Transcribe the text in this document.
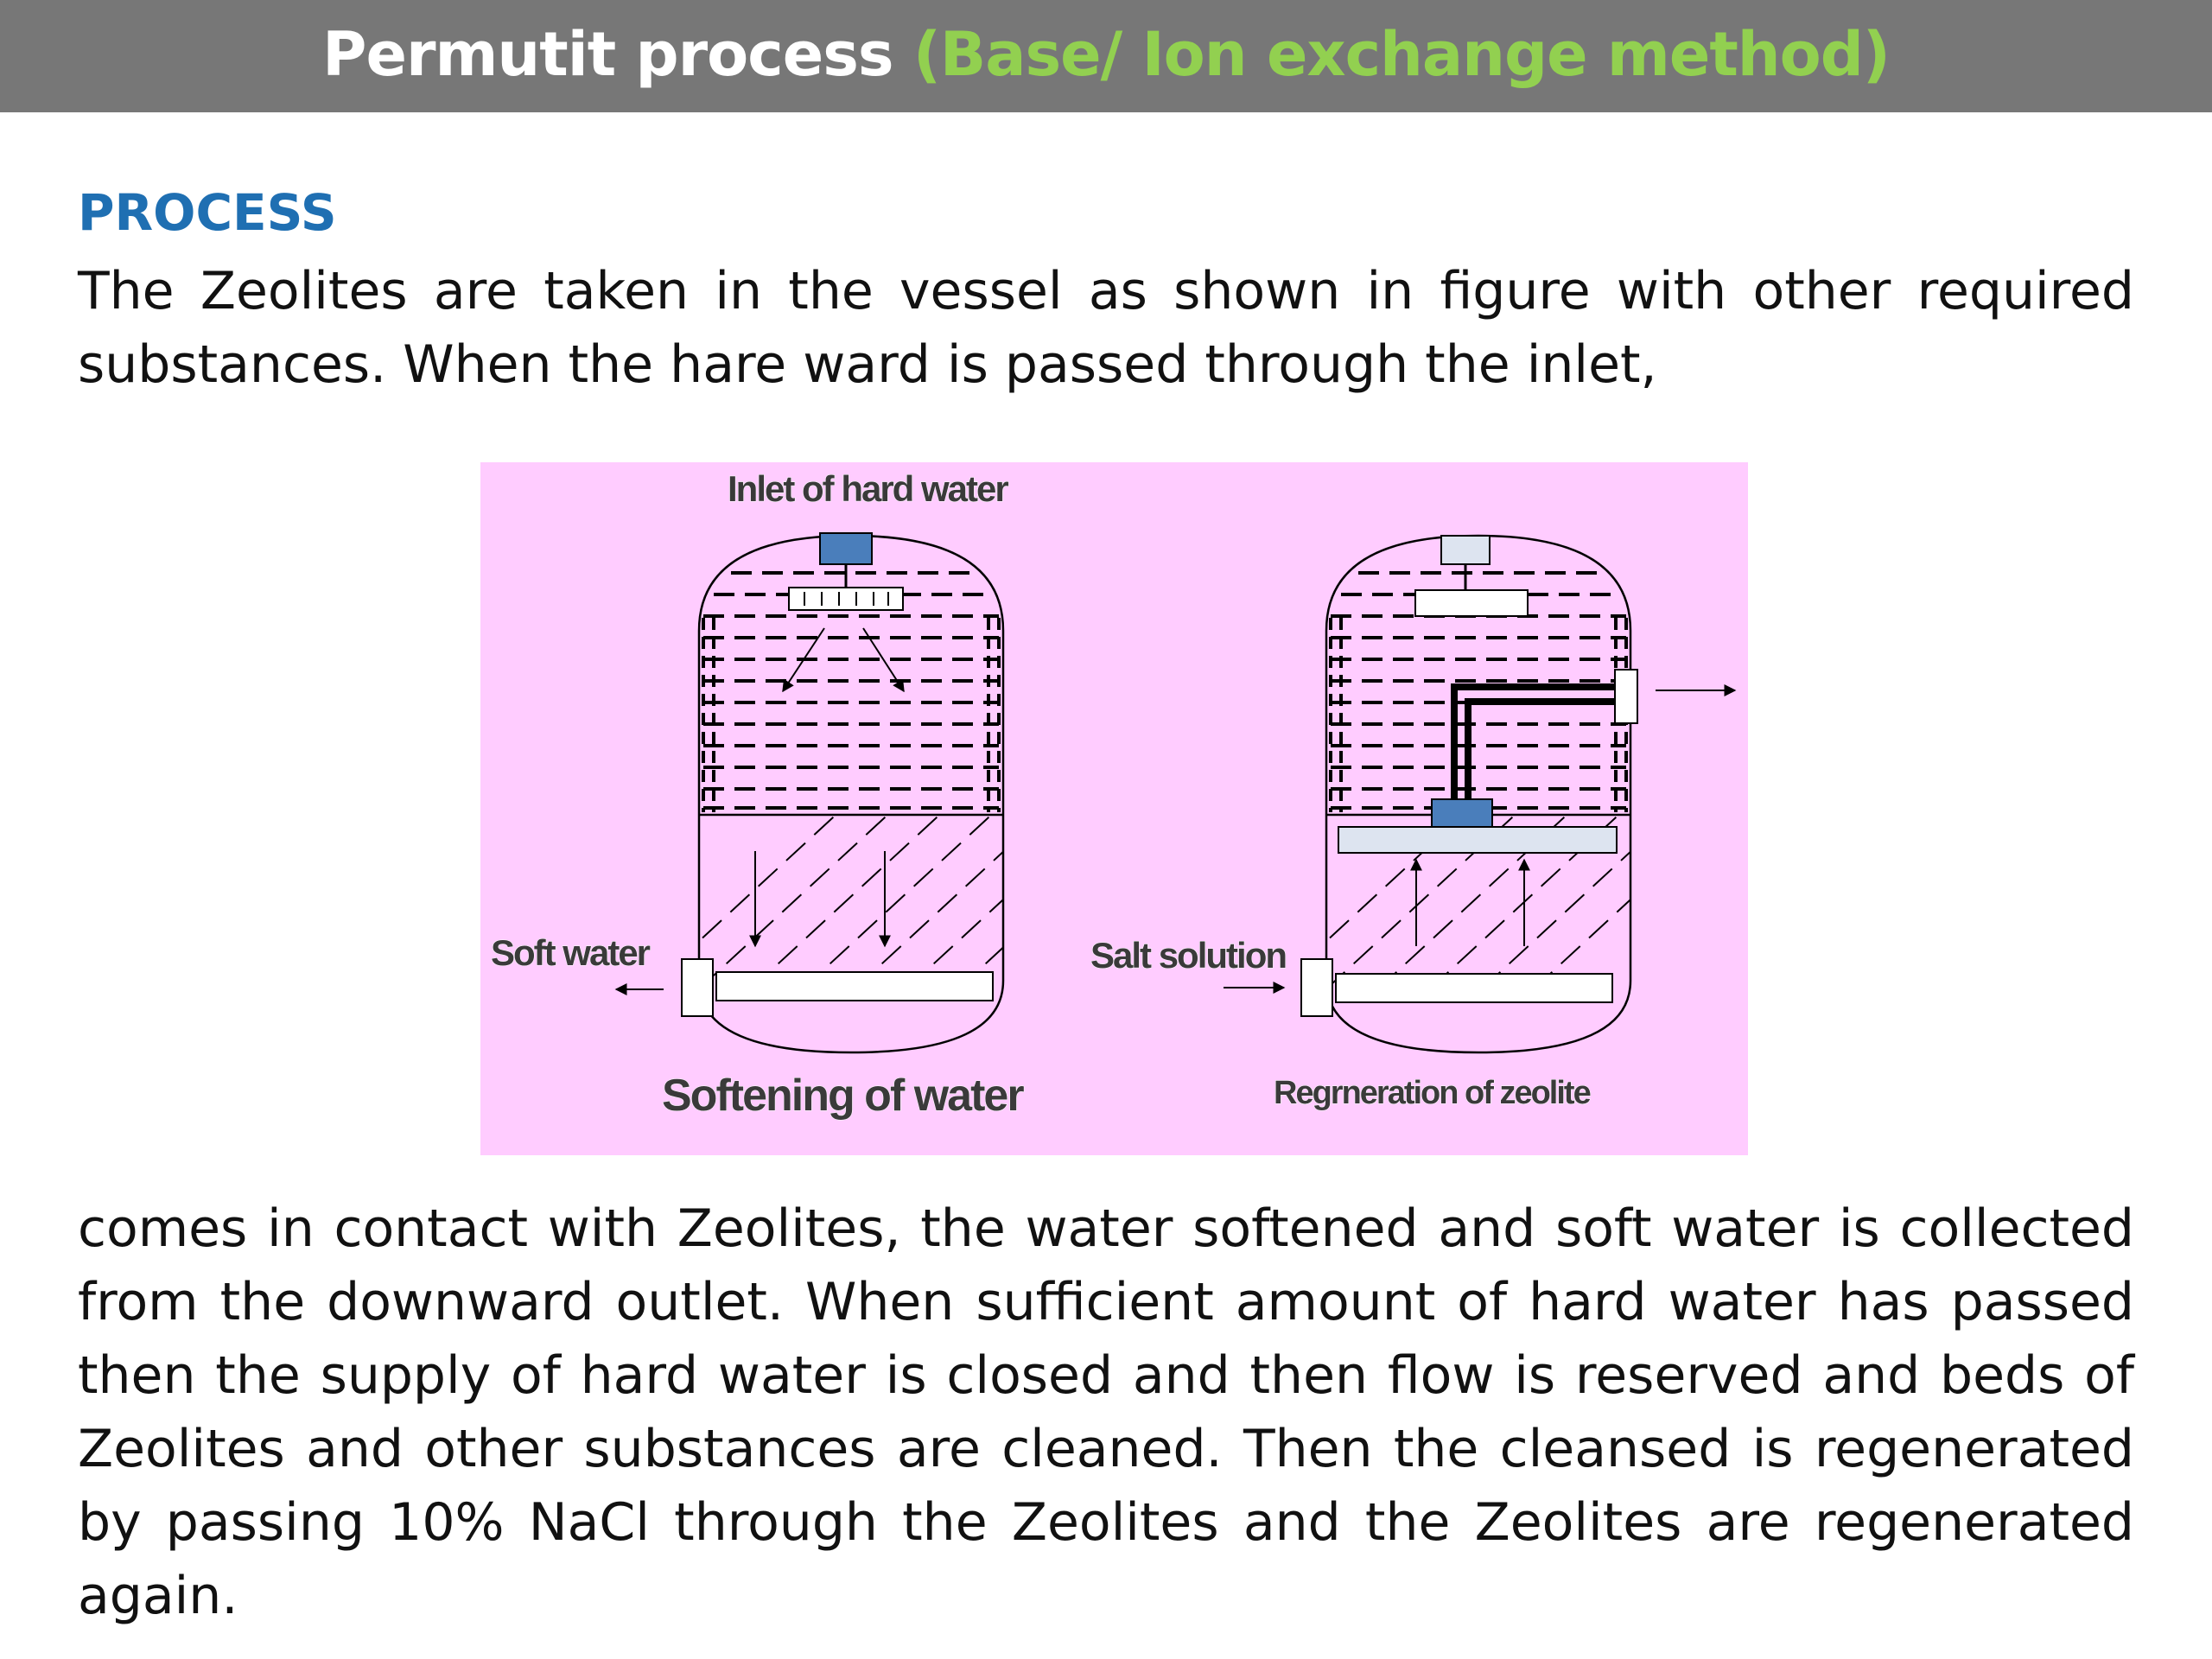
Permutit process (Base/ Ion exchange method)
PROCESS
The Zeolites are taken in the vessel as shown in figure with other required substances. When the hare ward is passed through the inlet,
Inlet of hard water
Soft water	Salt solution
Softening of water	Regrneration of zeolite
comes in contact with Zeolites, the water softened and soft water is collected from the downward outlet. When sufficient amount of hard water has passed then the supply of hard water is closed and then flow is reserved and beds of Zeolites and other substances are cleaned. Then the cleansed is regenerated by passing 10% NaCl through the Zeolites and the Zeolites are regenerated again.
